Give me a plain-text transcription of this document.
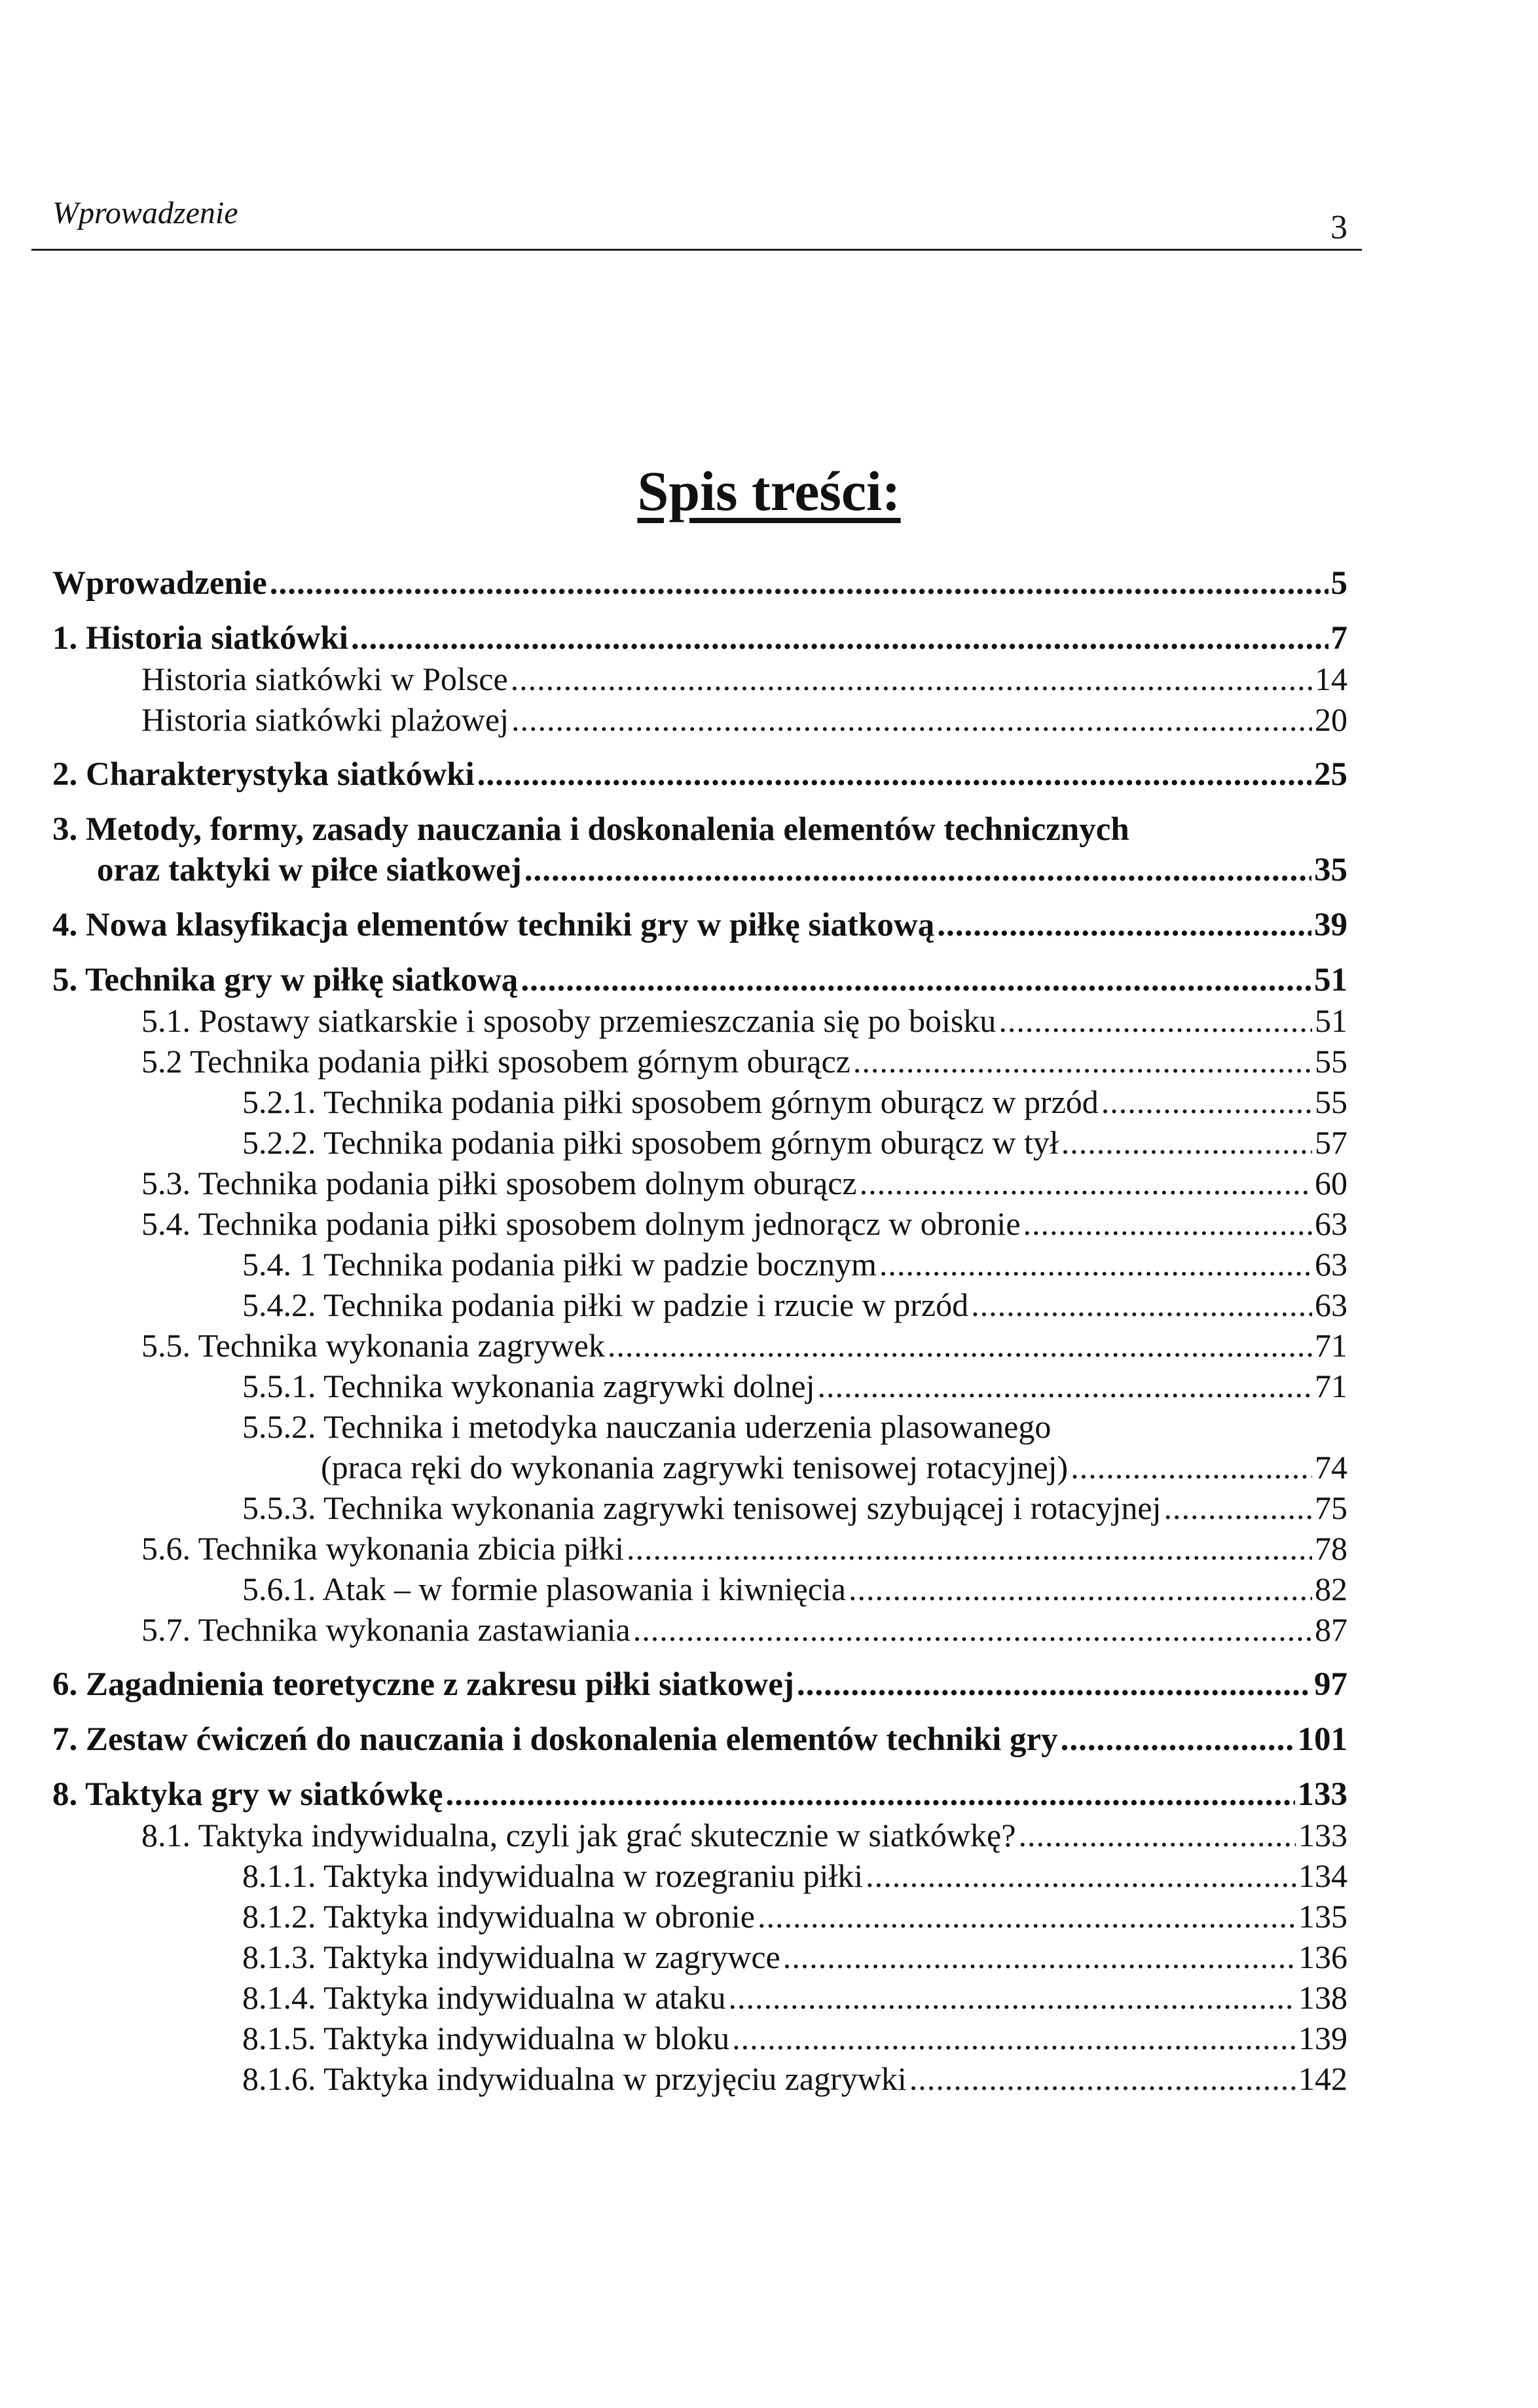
Wprowadzenie	3
Spis treści:
Wprowadzenie .....	5
1. Historia siatkówki .....	7
Historia siatkówki w Polsce .....	14
Historia siatkówki plażowej .....	20
2. Charakterystyka siatkówki .....	25
3. Metody, formy, zasady nauczania i doskonalenia elementów technicznych
oraz taktyki w piłce siatkowej .....	35
4. Nowa klasyfikacja elementów techniki gry w piłkę siatkową .....	39
5. Technika gry w piłkę siatkową .....	51
5.1. Postawy siatkarskie i sposoby przemieszczania się po boisku .....	51
5.2 Technika podania piłki sposobem górnym oburącz .....	55
5.2.1. Technika podania piłki sposobem górnym oburącz w przód .....	55
5.2.2. Technika podania piłki sposobem górnym oburącz w tył .....	57
5.3. Technika podania piłki sposobem dolnym oburącz .....	60
5.4. Technika podania piłki sposobem dolnym jednorącz w obronie .....	63
5.4. 1 Technika podania piłki w padzie bocznym .....	63
5.4.2. Technika podania piłki w padzie i rzucie w przód .....	63
5.5. Technika wykonania zagrywek .....	71
5.5.1. Technika wykonania zagrywki dolnej .....	71
5.5.2. Technika i metodyka nauczania uderzenia plasowanego
(praca ręki do wykonania zagrywki tenisowej rotacyjnej) .....	74
5.5.3. Technika wykonania zagrywki tenisowej szybującej i rotacyjnej .....	75
5.6. Technika wykonania zbicia piłki .....	78
5.6.1. Atak – w formie plasowania i kiwnięcia .....	82
5.7. Technika wykonania zastawiania .....	87
6. Zagadnienia teoretyczne z zakresu piłki siatkowej .....	97
7. Zestaw ćwiczeń do nauczania i doskonalenia elementów techniki gry .....	101
8. Taktyka gry w siatkówkę .....	133
8.1. Taktyka indywidualna, czyli jak grać skutecznie w siatkówkę? .....	133
8.1.1. Taktyka indywidualna w rozegraniu piłki .....	134
8.1.2. Taktyka indywidualna w obronie .....	135
8.1.3. Taktyka indywidualna w zagrywce .....	136
8.1.4. Taktyka indywidualna w ataku .....	138
8.1.5. Taktyka indywidualna w bloku .....	139
8.1.6. Taktyka indywidualna w przyjęciu zagrywki .....	142
